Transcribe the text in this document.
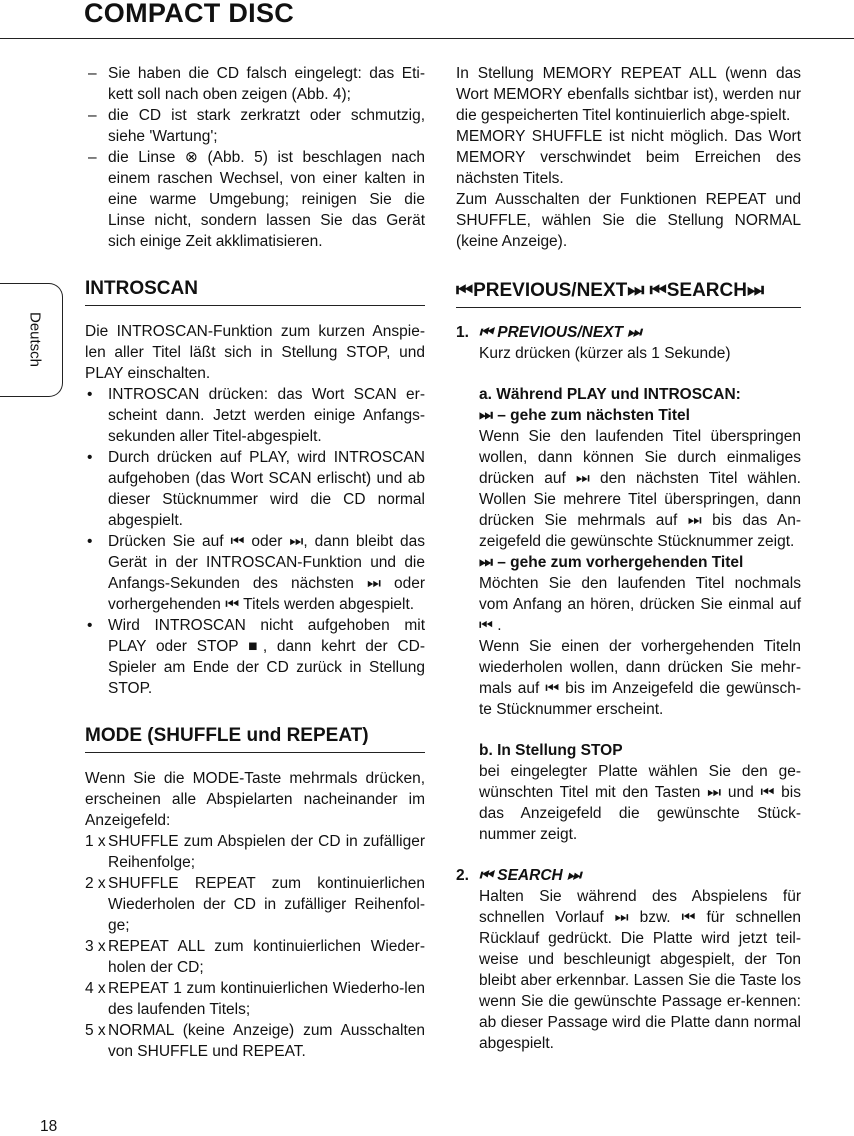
COMPACT DISC
Deutsch

– Sie haben die CD falsch eingelegt: das Eti-kett soll nach oben zeigen (Abb. 4);

– die CD ist stark zerkratzt oder schmutzig, siehe 'Wartung';

– die Linse ⊗ (Abb. 5) ist beschlagen nach einem raschen Wechsel, von einer kalten in eine warme Umgebung; reinigen Sie die Linse nicht, sondern lassen Sie das Gerät sich einige Zeit akklimatisieren.

INTROSCAN

Die INTROSCAN-Funktion zum kurzen Anspie-len aller Titel läßt sich in Stellung STOP, und PLAY einschalten.

• INTROSCAN drücken: das Wort SCAN er-scheint dann. Jetzt werden einige Anfangs-sekunden aller Titel-abgespielt.

• Durch drücken auf PLAY, wird INTROSCAN aufgehoben (das Wort SCAN erlischt) und ab dieser Stücknummer wird die CD normal abgespielt.

• Drücken Sie auf ⏮ oder ⏭, dann bleibt das Gerät in der INTROSCAN-Funktion und die Anfangs-Sekunden des nächsten ⏭ oder vorhergehenden ⏮ Titels werden abgespielt.

• Wird INTROSCAN nicht aufgehoben mit PLAY oder STOP ■, dann kehrt der CD-Spieler am Ende der CD zurück in Stellung STOP.

MODE (SHUFFLE und REPEAT)

Wenn Sie die MODE-Taste mehrmals drücken, erscheinen alle Abspielarten nacheinander im Anzeigefeld:

1 x SHUFFLE zum Abspielen der CD in zufälliger Reihenfolge;

2 x SHUFFLE REPEAT zum kontinuierlichen Wiederholen der CD in zufälliger Reihenfol-ge;

3 x REPEAT ALL zum kontinuierlichen Wieder-holen der CD;

4 x REPEAT 1 zum kontinuierlichen Wiederho-len des laufenden Titels;

5 x NORMAL (keine Anzeige) zum Ausschalten von SHUFFLE und REPEAT.

In Stellung MEMORY REPEAT ALL (wenn das Wort MEMORY ebenfalls sichtbar ist), werden nur die gespeicherten Titel kontinuierlich abge-spielt.

MEMORY SHUFFLE ist nicht möglich. Das Wort MEMORY verschwindet beim Erreichen des nächsten Titels.

Zum Ausschalten der Funktionen REPEAT und SHUFFLE, wählen Sie die Stellung NORMAL (keine Anzeige).

⏮PREVIOUS/NEXT⏭ ⏮SEARCH⏭

1. ⏮ PREVIOUS/NEXT ⏭

Kurz drücken (kürzer als 1 Sekunde)

a. Während PLAY und INTROSCAN:

⏭ – gehe zum nächsten Titel

Wenn Sie den laufenden Titel überspringen wollen, dann können Sie durch einmaliges drücken auf ⏭ den nächsten Titel wählen. Wollen Sie mehrere Titel überspringen, dann drücken Sie mehrmals auf ⏭ bis das An-zeigefeld die gewünschte Stücknummer zeigt.

⏭ – gehe zum vorhergehenden Titel

Möchten Sie den laufenden Titel nochmals vom Anfang an hören, drücken Sie einmal auf ⏮ .

Wenn Sie einen der vorhergehenden Titeln wiederholen wollen, dann drücken Sie mehr-mals auf ⏮ bis im Anzeigefeld die gewünsch-te Stücknummer erscheint.

b. In Stellung STOP

bei eingelegter Platte wählen Sie den ge-wünschten Titel mit den Tasten ⏭ und ⏮ bis das Anzeigefeld die gewünschte Stück-nummer zeigt.

2. ⏮ SEARCH ⏭

Halten Sie während des Abspielens für schnellen Vorlauf ⏭ bzw. ⏮ für schnellen Rücklauf gedrückt. Die Platte wird jetzt teil-weise und beschleunigt abgespielt, der Ton bleibt aber erkennbar. Lassen Sie die Taste los wenn Sie die gewünschte Passage er-kennen: ab dieser Passage wird die Platte dann normal abgespielt.

18
